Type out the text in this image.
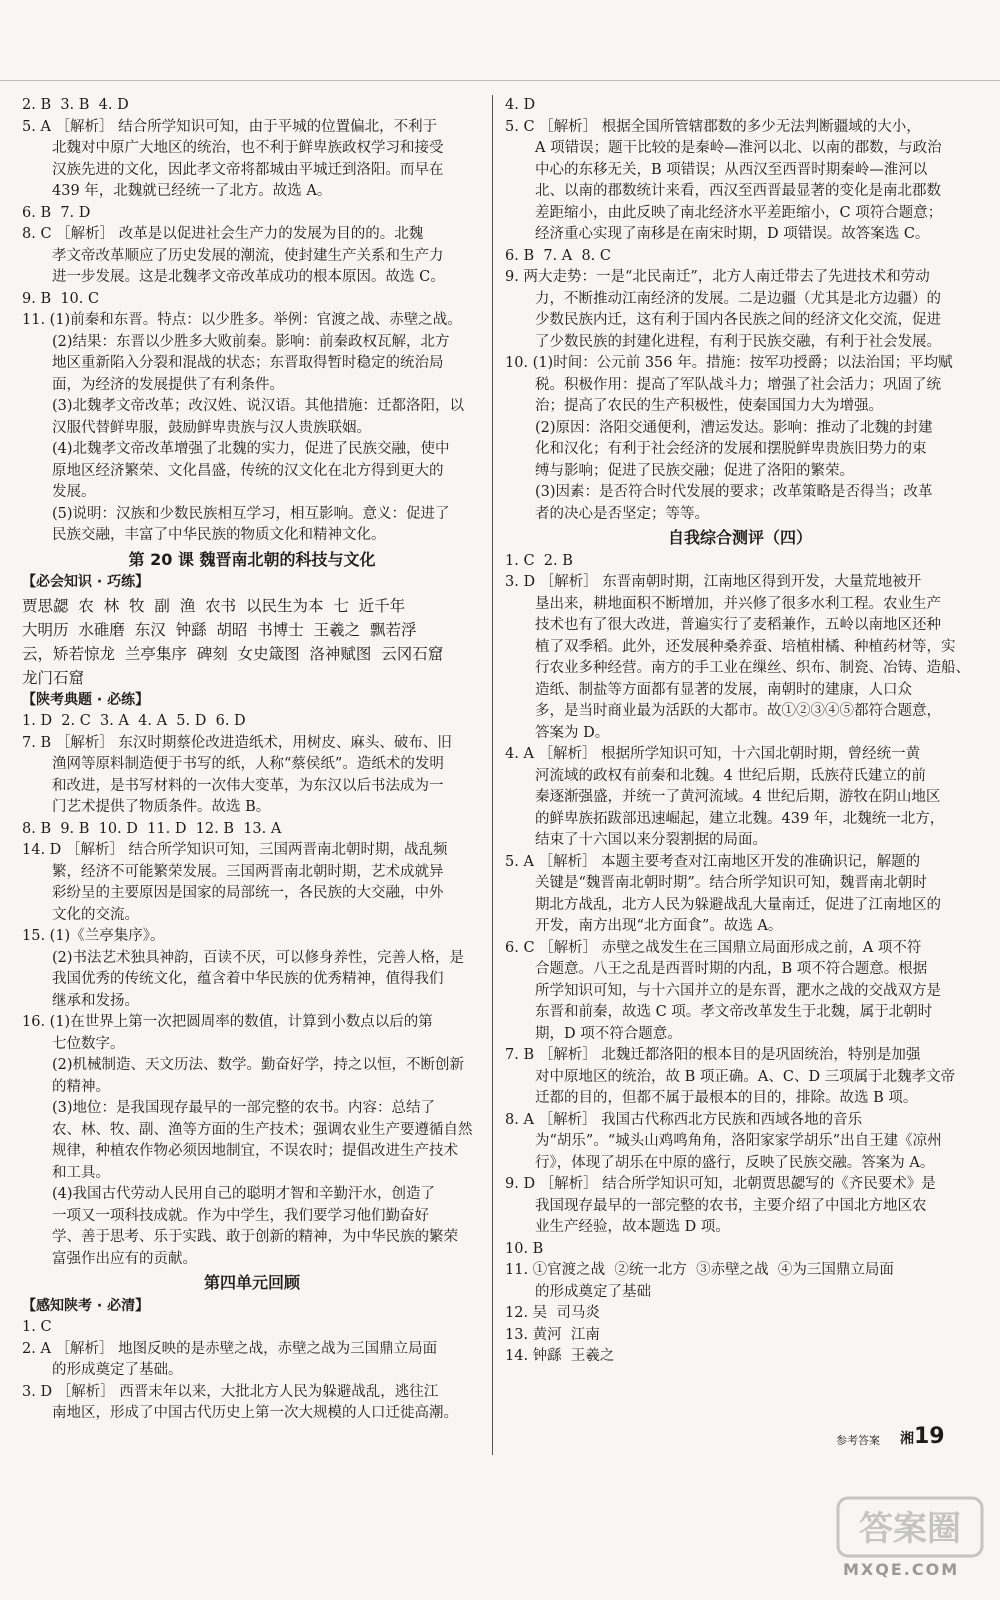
2. B  3. B  4. D
5. A ［解析］ 结合所学知识可知，由于平城的位置偏北，不利于
北魏对中原广大地区的统治，也不利于鲜卑族政权学习和接受
汉族先进的文化，因此孝文帝将都城由平城迁到洛阳。而早在
439 年，北魏就已经统一了北方。故选 A。
6. B  7. D
8. C ［解析］ 改革是以促进社会生产力的发展为目的的。北魏
孝文帝改革顺应了历史发展的潮流，使封建生产关系和生产力
进一步发展。这是北魏孝文帝改革成功的根本原因。故选 C。
9. B  10. C
11. (1)前秦和东晋。特点：以少胜多。举例：官渡之战、赤壁之战。
(2)结果：东晋以少胜多大败前秦。影响：前秦政权瓦解，北方
地区重新陷入分裂和混战的状态；东晋取得暂时稳定的统治局
面，为经济的发展提供了有利条件。
(3)北魏孝文帝改革；改汉姓、说汉语。其他措施：迁都洛阳，以
汉服代替鲜卑服，鼓励鲜卑贵族与汉人贵族联姻。
(4)北魏孝文帝改革增强了北魏的实力，促进了民族交融，使中
原地区经济繁荣、文化昌盛，传统的汉文化在北方得到更大的
发展。
(5)说明：汉族和少数民族相互学习，相互影响。意义：促进了
民族交融，丰富了中华民族的物质文化和精神文化。
第 20 课 魏晋南北朝的科技与文化
【必会知识 · 巧练】
贾思勰  农  林  牧  副  渔  农书  以民生为本  七  近千年
大明历  水碓磨  东汉  钟繇  胡昭  书博士  王羲之  飘若浮
云，矫若惊龙  兰亭集序  碑刻  女史箴图  洛神赋图  云冈石窟
龙门石窟
【陕考典题 · 必练】
1. D  2. C  3. A  4. A  5. D  6. D
7. B ［解析］ 东汉时期蔡伦改进造纸术，用树皮、麻头、破布、旧
渔网等原料制造便于书写的纸，人称“蔡侯纸”。造纸术的发明
和改进，是书写材料的一次伟大变革，为东汉以后书法成为一
门艺术提供了物质条件。故选 B。
8. B  9. B  10. D  11. D  12. B  13. A
14. D ［解析］ 结合所学知识可知，三国两晋南北朝时期，战乱频
繁，经济不可能繁荣发展。三国两晋南北朝时期，艺术成就异
彩纷呈的主要原因是国家的局部统一，各民族的大交融，中外
文化的交流。
15. (1)《兰亭集序》。
(2)书法艺术独具神韵，百读不厌，可以修身养性，完善人格，是
我国优秀的传统文化，蕴含着中华民族的优秀精神，值得我们
继承和发扬。
16. (1)在世界上第一次把圆周率的数值，计算到小数点以后的第
七位数字。
(2)机械制造、天文历法、数学。勤奋好学，持之以恒，不断创新
的精神。
(3)地位：是我国现存最早的一部完整的农书。内容：总结了
农、林、牧、副、渔等方面的生产技术；强调农业生产要遵循自然
规律，种植农作物必须因地制宜，不误农时；提倡改进生产技术
和工具。
(4)我国古代劳动人民用自己的聪明才智和辛勤汗水，创造了
一项又一项科技成就。作为中学生，我们要学习他们勤奋好
学、善于思考、乐于实践、敢于创新的精神，为中华民族的繁荣
富强作出应有的贡献。
第四单元回顾
【感知陕考 · 必清】
1. C
2. A ［解析］ 地图反映的是赤壁之战，赤壁之战为三国鼎立局面
的形成奠定了基础。
3. D ［解析］ 西晋末年以来，大批北方人民为躲避战乱，逃往江
南地区，形成了中国古代历史上第一次大规模的人口迁徙高潮。
4. D
5. C ［解析］ 根据全国所管辖郡数的多少无法判断疆域的大小，
A 项错误；题干比较的是秦岭—淮河以北、以南的郡数，与政治
中心的东移无关，B 项错误；从西汉至西晋时期秦岭—淮河以
北、以南的郡数统计来看，西汉至西晋最显著的变化是南北郡数
差距缩小，由此反映了南北经济水平差距缩小，C 项符合题意；
经济重心实现了南移是在南宋时期，D 项错误。故答案选 C。
6. B  7. A  8. C
9. 两大走势：一是“北民南迁”，北方人南迁带去了先进技术和劳动
力，不断推动江南经济的发展。二是边疆（尤其是北方边疆）的
少数民族内迁，这有利于国内各民族之间的经济文化交流，促进
了少数民族的封建化进程，有利于民族交融，有利于社会发展。
10. (1)时间：公元前 356 年。措施：按军功授爵；以法治国；平均赋
税。积极作用：提高了军队战斗力；增强了社会活力；巩固了统
治；提高了农民的生产积极性，使秦国国力大为增强。
(2)原因：洛阳交通便利，漕运发达。影响：推动了北魏的封建
化和汉化；有利于社会经济的发展和摆脱鲜卑贵族旧势力的束
缚与影响；促进了民族交融；促进了洛阳的繁荣。
(3)因素：是否符合时代发展的要求；改革策略是否得当；改革
者的决心是否坚定；等等。
自我综合测评（四）
1. C  2. B
3. D ［解析］ 东晋南朝时期，江南地区得到开发，大量荒地被开
垦出来，耕地面积不断增加，并兴修了很多水利工程。农业生产
技术也有了很大改进，普遍实行了麦稻兼作，五岭以南地区还种
植了双季稻。此外，还发展种桑养蚕、培植柑橘、种植药材等，实
行农业多种经营。南方的手工业在缫丝、织布、制瓷、冶铸、造船、
造纸、制盐等方面都有显著的发展，南朝时的建康，人口众
多，是当时商业最为活跃的大都市。故①②③④⑤都符合题意，
答案为 D。
4. A ［解析］ 根据所学知识可知，十六国北朝时期，曾经统一黄
河流域的政权有前秦和北魏。4 世纪后期，氐族苻氏建立的前
秦逐渐强盛，并统一了黄河流域。4 世纪后期，游牧在阴山地区
的鲜卑族拓跋部迅速崛起，建立北魏。439 年，北魏统一北方，
结束了十六国以来分裂割据的局面。
5. A ［解析］ 本题主要考查对江南地区开发的准确识记，解题的
关键是“魏晋南北朝时期”。结合所学知识可知，魏晋南北朝时
期北方战乱，北方人民为躲避战乱大量南迁，促进了江南地区的
开发，南方出现“北方面食”。故选 A。
6. C ［解析］ 赤壁之战发生在三国鼎立局面形成之前，A 项不符
合题意。八王之乱是西晋时期的内乱，B 项不符合题意。根据
所学知识可知，与十六国并立的是东晋，淝水之战的交战双方是
东晋和前秦，故选 C 项。孝文帝改革发生于北魏，属于北朝时
期，D 项不符合题意。
7. B ［解析］ 北魏迁都洛阳的根本目的是巩固统治，特别是加强
对中原地区的统治，故 B 项正确。A、C、D 三项属于北魏孝文帝
迁都的目的，但都不属于最根本的目的，排除。故选 B 项。
8. A ［解析］ 我国古代称西北方民族和西域各地的音乐
为“胡乐”。“城头山鸡鸣角角，洛阳家家学胡乐”出自王建《凉州
行》，体现了胡乐在中原的盛行，反映了民族交融。答案为 A。
9. D ［解析］ 结合所学知识可知，北朝贾思勰写的《齐民要术》是
我国现存最早的一部完整的农书，主要介绍了中国北方地区农
业生产经验，故本题选 D 项。
10. B
11. ①官渡之战  ②统一北方  ③赤壁之战  ④为三国鼎立局面
的形成奠定了基础
12. 吴  司马炎
13. 黄河  江南
14. 钟繇  王羲之
参考答案 湘19
答案圈
MXQE.COM
